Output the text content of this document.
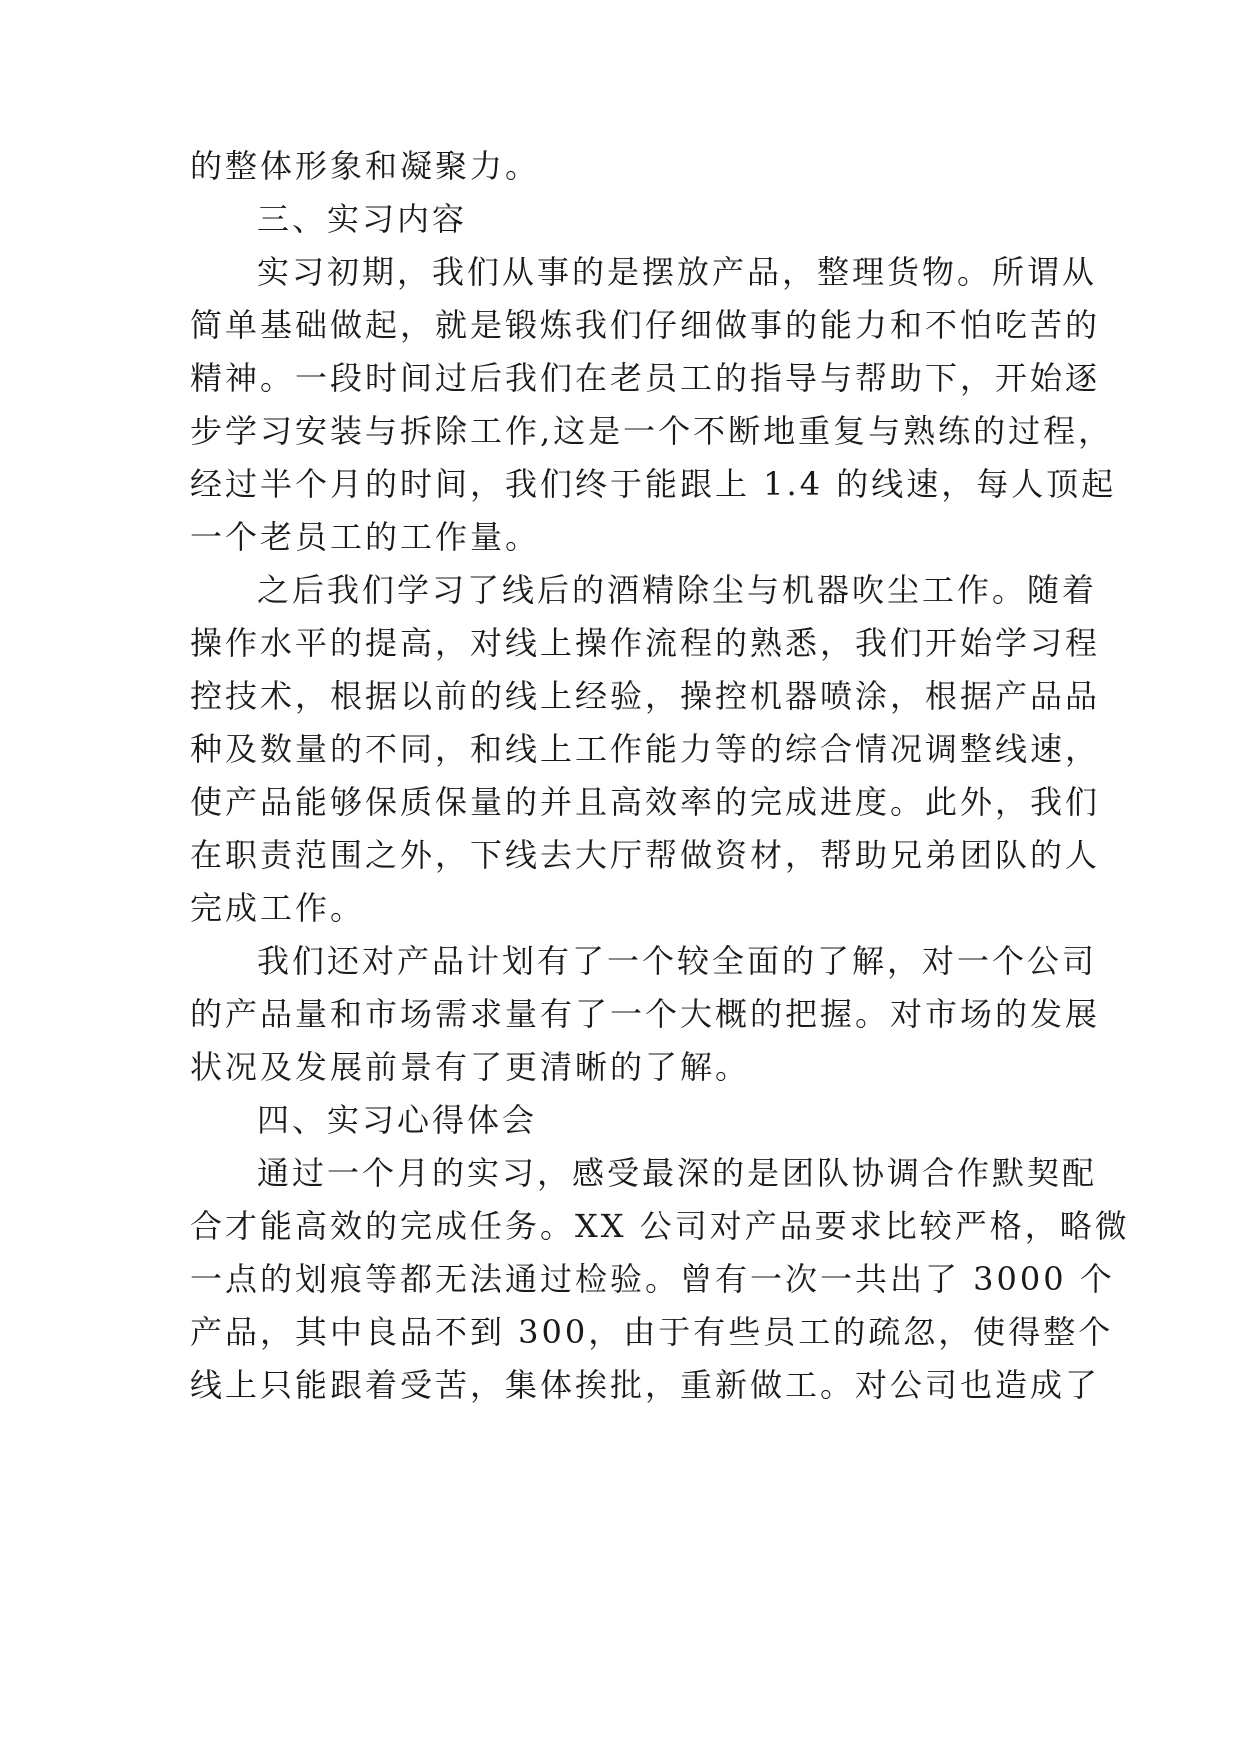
的整体形象和凝聚力。
三、实习内容
实习初期，我们从事的是摆放产品，整理货物。所谓从
简单基础做起，就是锻炼我们仔细做事的能力和不怕吃苦的
精神。一段时间过后我们在老员工的指导与帮助下，开始逐
步学习安装与拆除工作,这是一个不断地重复与熟练的过程，
经过半个月的时间，我们终于能跟上 1.4 的线速，每人顶起
一个老员工的工作量。
之后我们学习了线后的酒精除尘与机器吹尘工作。随着
操作水平的提高，对线上操作流程的熟悉，我们开始学习程
控技术，根据以前的线上经验，操控机器喷涂，根据产品品
种及数量的不同，和线上工作能力等的综合情况调整线速，
使产品能够保质保量的并且高效率的完成进度。此外，我们
在职责范围之外，下线去大厅帮做资材，帮助兄弟团队的人
完成工作。
我们还对产品计划有了一个较全面的了解，对一个公司
的产品量和市场需求量有了一个大概的把握。对市场的发展
状况及发展前景有了更清晰的了解。
四、实习心得体会
通过一个月的实习，感受最深的是团队协调合作默契配
合才能高效的完成任务。XX 公司对产品要求比较严格，略微
一点的划痕等都无法通过检验。曾有一次一共出了 3000 个
产品，其中良品不到 300，由于有些员工的疏忽，使得整个
线上只能跟着受苦，集体挨批，重新做工。对公司也造成了
